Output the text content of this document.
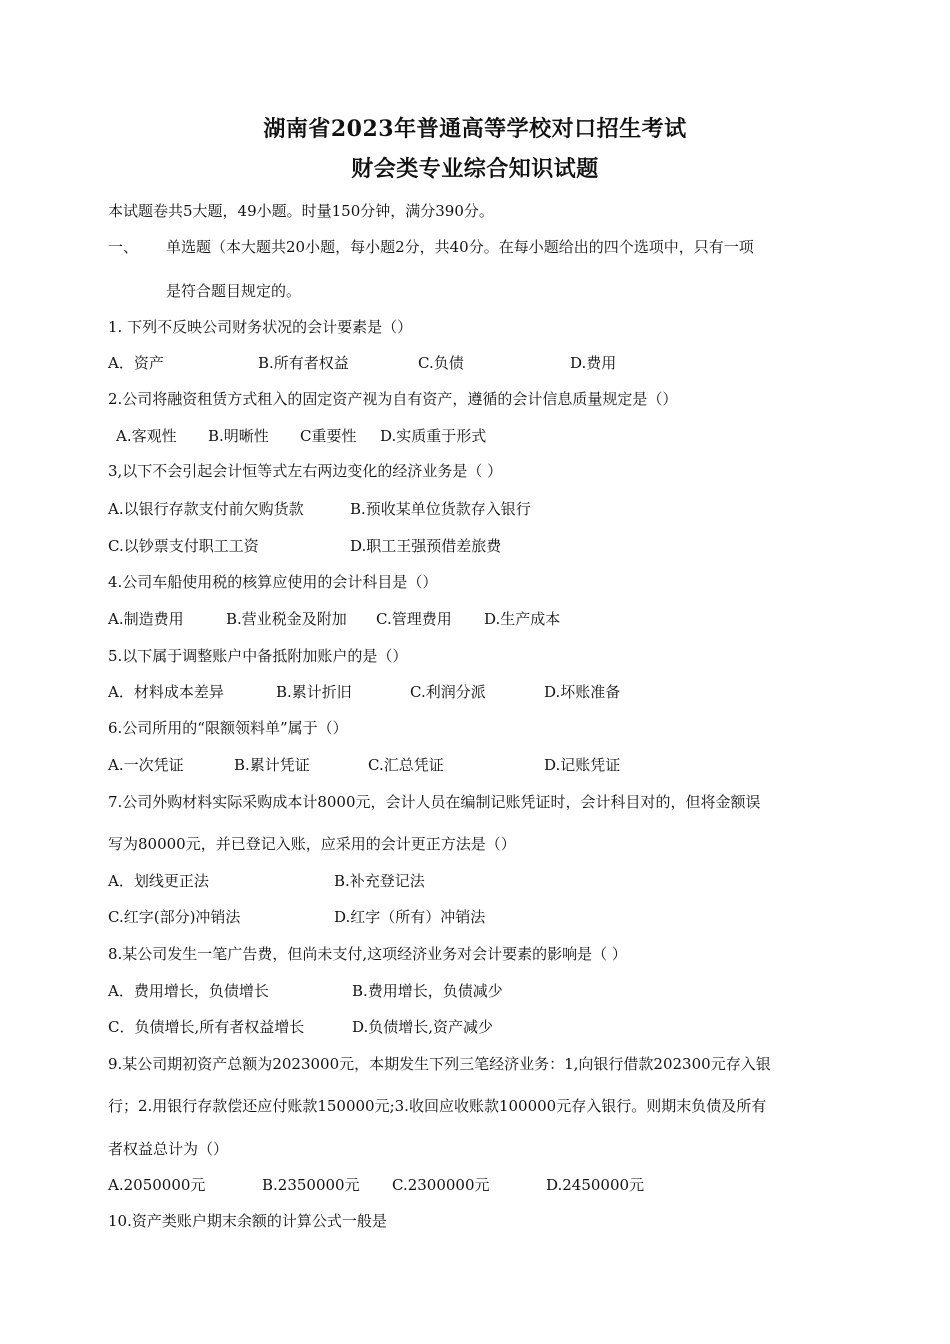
湖南省2023年普通高等学校对口招生考试
财会类专业综合知识试题
本试题卷共5大题，49小题。时量150分钟，满分390分。
一、 单选题（本大题共20小题，每小题2分，共40分。在每小题给出的四个选项中，只有一项
是符合题目规定的。
1. 下列不反映公司财务状况的会计要素是（）
A．资产	B.所有者权益	C.负债	D.费用
2.公司将融资租赁方式租入的固定资产视为自有资产，遵循的会计信息质量规定是（）
A.客观性 B.明晰性 C重要性 D.实质重于形式
3,以下不会引起会计恒等式左右两边变化的经济业务是（ ）
A.以银行存款支付前欠购货款	B.预收某单位货款存入银行
C.以钞票支付职工工资	D.职工王强预借差旅费
4.公司车船使用税的核算应使用的会计科目是（）
A.制造费用	B.营业税金及附加 C.管理费用 D.生产成本
5.以下属于调整账户中备抵附加账户的是（）
A．材料成本差异	B.累计折旧	C.利润分派	D.坏账准备
6.公司所用的“限额领料单”属于（）
A.一次凭证	B.累计凭证	C.汇总凭证	D.记账凭证
7.公司外购材料实际采购成本计8000元，会计人员在编制记账凭证时，会计科目对的，但将金额误
写为80000元，并已登记入账，应采用的会计更正方法是（）
A．划线更正法	B.补充登记法
C.红字(部分)冲销法	D.红字（所有）冲销法
8.某公司发生一笔广告费，但尚未支付,这项经济业务对会计要素的影响是（ ）
A．费用增长，负债增长	B.费用增长，负债减少
C．负债增长,所有者权益增长	D.负债增长,资产减少
9.某公司期初资产总额为2023000元，本期发生下列三笔经济业务：1,向银行借款202300元存入银
行；2.用银行存款偿还应付账款150000元;3.收回应收账款100000元存入银行。则期末负债及所有
者权益总计为（）
A.2050000元	B.2350000元 C.2300000元	D.2450000元
10.资产类账户期末余额的计算公式一般是
